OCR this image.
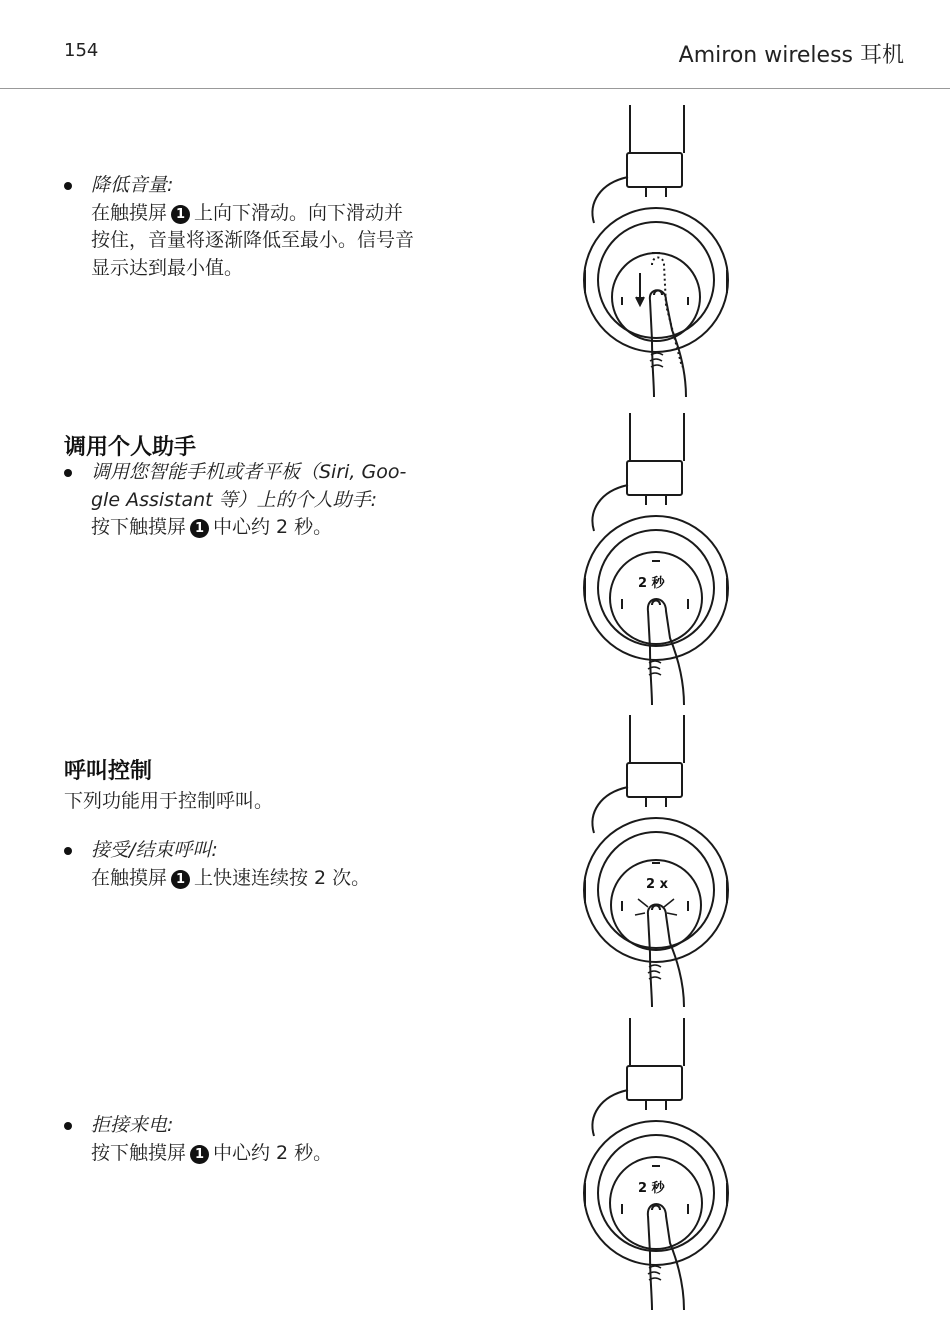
154	Amiron wireless 耳机
降低音量:
在触摸屏 1 上向下滑动。向下滑动并
按住，音量将逐渐降低至最小。信号音
显示达到最小值。
调用个人助手
调用您智能手机或者平板（Siri, Goo-
gle Assistant 等）上的个人助手:
按下触摸屏 1 中心约 2 秒。
呼叫控制
下列功能用于控制呼叫。
接受/结束呼叫:
在触摸屏 1 上快速连续按 2 次。
拒接来电:
按下触摸屏 1 中心约 2 秒。
2 秒
2 x
2 秒
